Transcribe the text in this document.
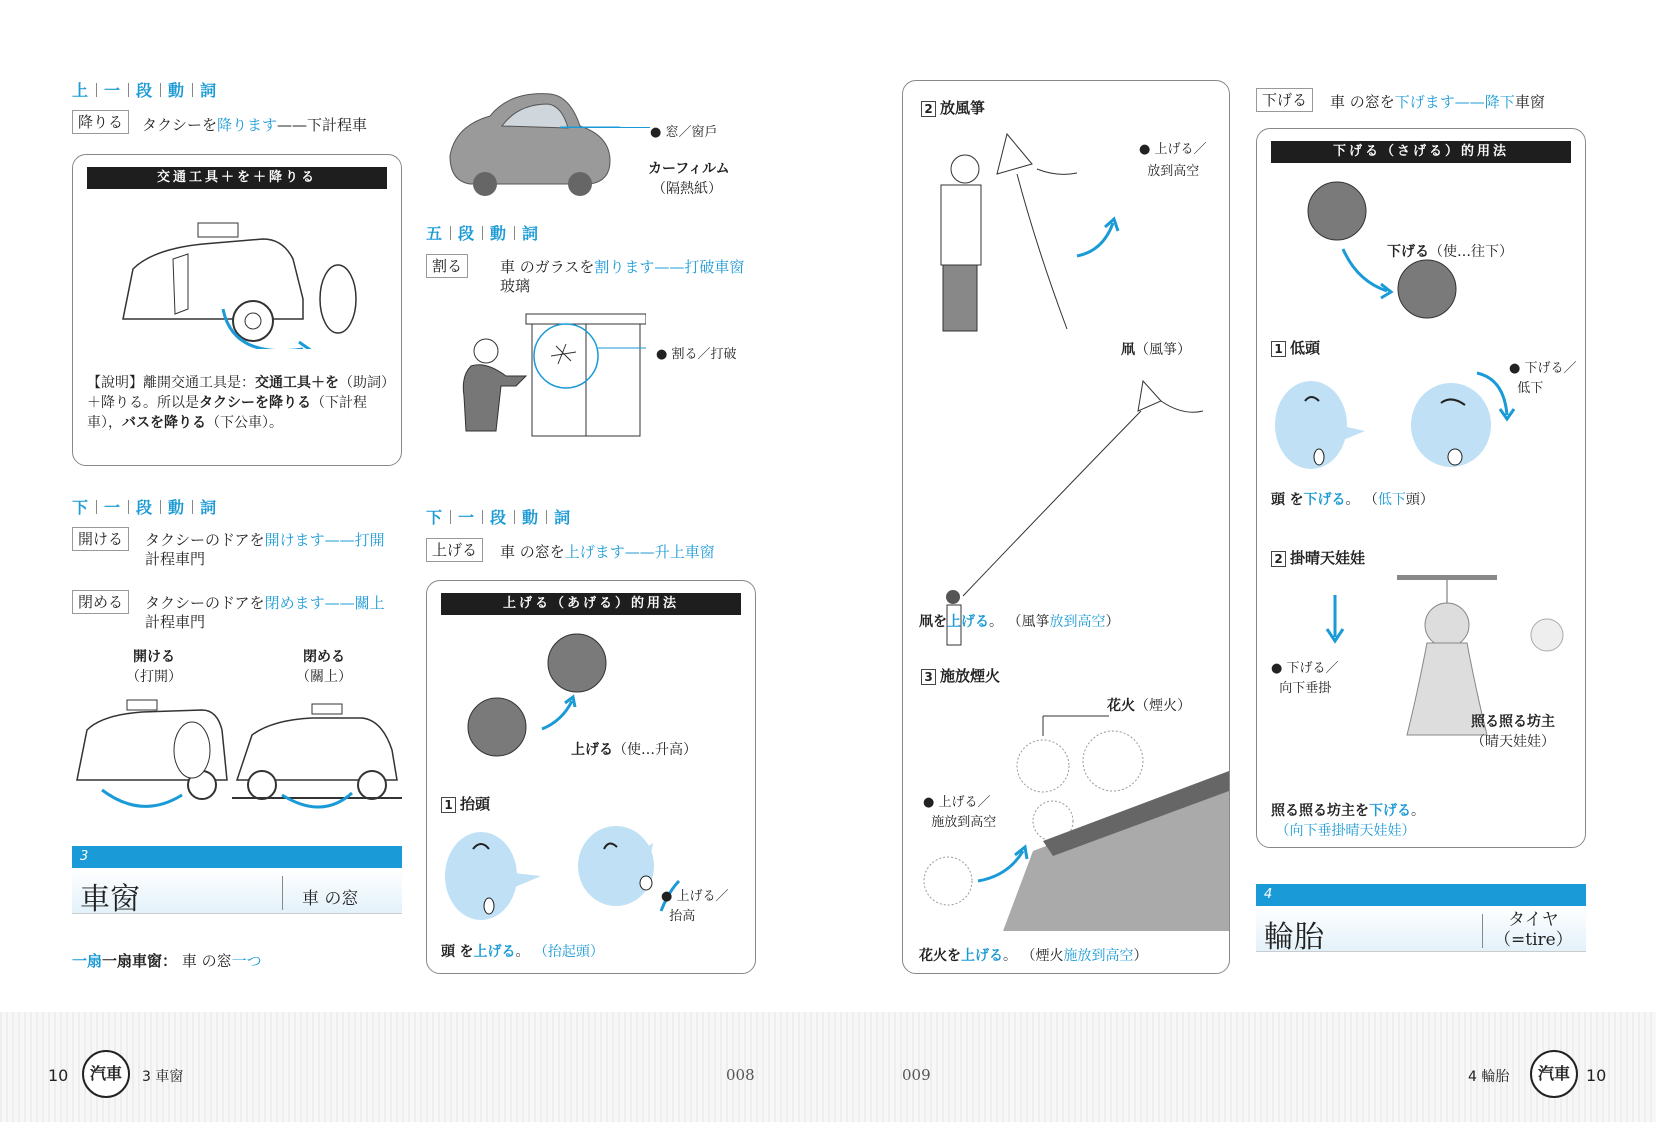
上 一 段 動 詞
降りる	タクシーを降ります——下計程車
交通工具＋を＋降りる
【說明】離開交通工具是：交通工具＋を（助詞）＋降りる。所以是タクシーを降りる（下計程車），バスを降りる（下公車）。
下 一 段 動 詞
開ける	タクシーのドアを開けます——打開
計程車門
閉める	タクシーのドアを閉めます——關上
計程車門
開ける
（打開）
閉める
（關上）
3
車窗	車 の窓
一扇一扇車窗： 車 の窓一つ
● 窓／窗戶
カーフィルム
（隔熱紙）
五 段 動 詞
割る	車 のガラスを割ります——打破車窗
玻璃
● 割る／打破
下 一 段 動 詞
上げる	車 の窓を上げます——升上車窗
上げる（あげる）的用法
上げる（使…升高）
1 抬頭
● 上げる／
抬高
頭 を上げる。 （抬起頭）
2 放風箏
● 上げる／
放到高空
凧（風箏）
凧を上げる。 （風箏放到高空）
3 施放煙火
花火（煙火）
● 上げる／
施放到高空
花火を上げる。 （煙火施放到高空）
下げる	車 の窓を下げます——降下車窗
下げる（さげる）的用法
下げる（使…往下）
1 低頭
● 下げる／
低下
頭 を下げる。 （低下頭）
2 掛晴天娃娃
● 下げる／
向下垂掛
照る照る坊主
（晴天娃娃）
照る照る坊主を下げる。
（向下垂掛晴天娃娃）
4
輪胎	タイヤ
（=tire）
10	汽車	3 車窗	008	009	4 輪胎	汽車	10
